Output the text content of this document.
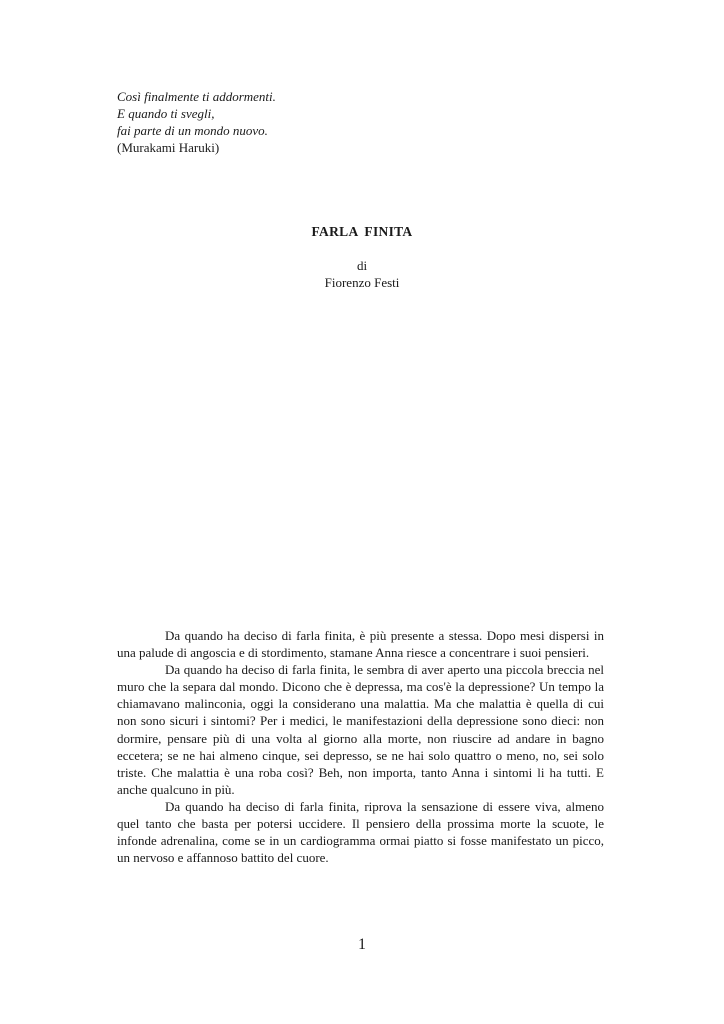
Così finalmente ti addormenti.
E quando ti svegli,
fai parte di un mondo nuovo.
(Murakami Haruki)
FARLA FINITA
di
Fiorenzo Festi

Da quando ha deciso di farla finita, è più presente a stessa. Dopo mesi dispersi in una palude di angoscia e di stordimento, stamane Anna riesce a concentrare i suoi pensieri.

Da quando ha deciso di farla finita, le sembra di aver aperto una piccola breccia nel muro che la separa dal mondo. Dicono che è depressa, ma cos'è la depressione? Un tempo la chiamavano malinconia, oggi la considerano una malattia. Ma che malattia è quella di cui non sono sicuri i sintomi? Per i medici, le manifestazioni della depressione sono dieci: non dormire, pensare più di una volta al giorno alla morte, non riuscire ad andare in bagno eccetera; se ne hai almeno cinque, sei depresso, se ne hai solo quattro o meno, no, sei solo triste. Che malattia è una roba così? Beh, non importa, tanto Anna i sintomi li ha tutti. E anche qualcuno in più.

Da quando ha deciso di farla finita, riprova la sensazione di essere viva, almeno quel tanto che basta per potersi uccidere. Il pensiero della prossima morte la scuote, le infonde adrenalina, come se in un cardiogramma ormai piatto si fosse manifestato un picco, un nervoso e affannoso battito del cuore.

1
